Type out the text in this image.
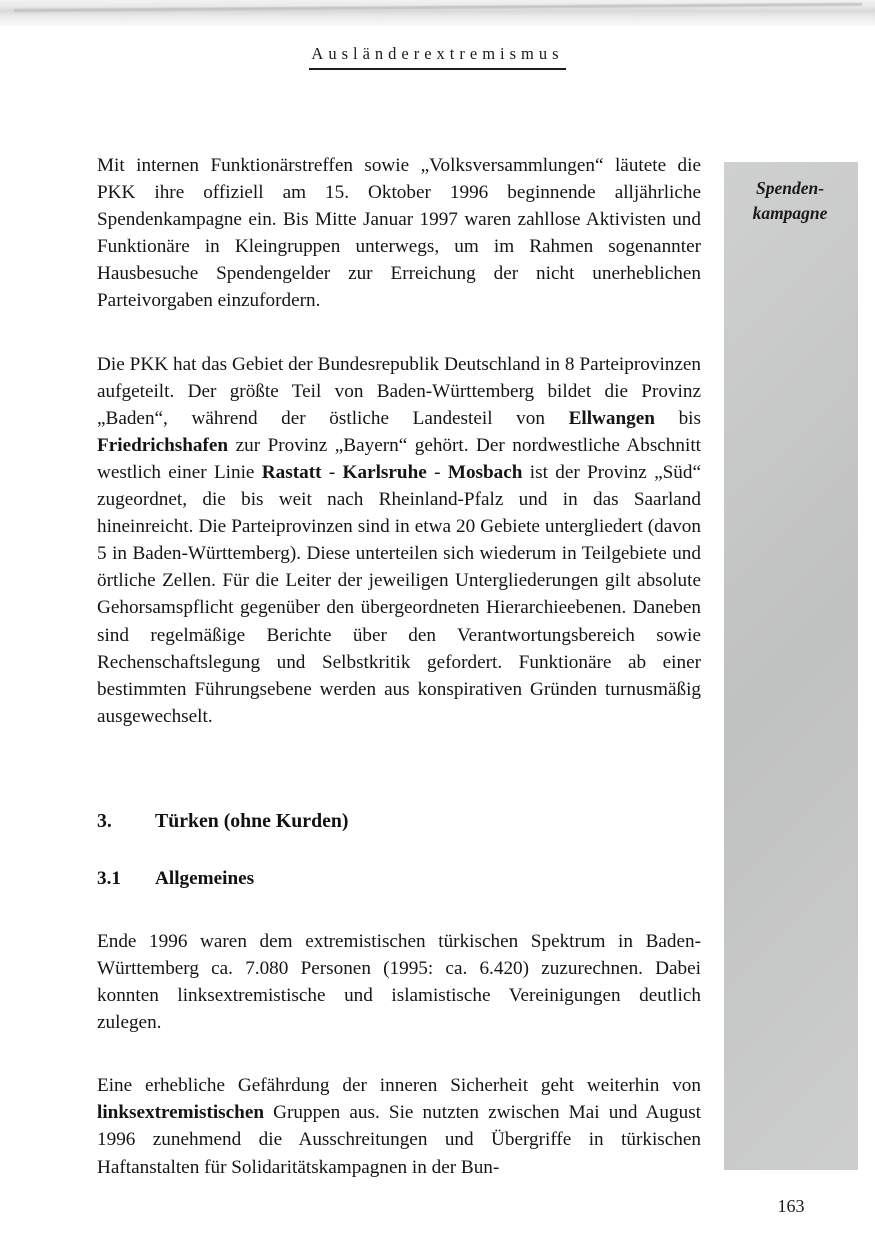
Ausländerextremismus
Spenden-
kampagne

Mit internen Funktionärstreffen sowie „Volksversammlungen“ läutete die PKK ihre offiziell am 15. Oktober 1996 beginnende alljährliche Spendenkampagne ein. Bis Mitte Januar 1997 waren zahllose Aktivisten und Funktionäre in Kleingruppen unterwegs, um im Rahmen sogenannter Hausbesuche Spendengelder zur Erreichung der nicht unerheblichen Parteivorgaben einzufordern.

Die PKK hat das Gebiet der Bundesrepublik Deutschland in 8 Parteiprovinzen aufgeteilt. Der größte Teil von Baden-Württemberg bildet die Provinz „Baden“, während der östliche Landesteil von Ellwangen bis Friedrichshafen zur Provinz „Bayern“ gehört. Der nordwestliche Abschnitt westlich einer Linie Rastatt - Karlsruhe - Mosbach ist der Provinz „Süd“ zugeordnet, die bis weit nach Rheinland-Pfalz und in das Saarland hineinreicht. Die Parteiprovinzen sind in etwa 20 Gebiete untergliedert (davon 5 in Baden-Württemberg). Diese unterteilen sich wiederum in Teilgebiete und örtliche Zellen. Für die Leiter der jeweiligen Untergliederungen gilt absolute Gehorsamspflicht gegenüber den übergeordneten Hierarchieebenen. Daneben sind regelmäßige Berichte über den Verantwortungsbereich sowie Rechenschaftslegung und Selbstkritik gefordert. Funktionäre ab einer bestimmten Führungsebene werden aus konspirativen Gründen turnusmäßig ausgewechselt.

3. Türken (ohne Kurden)
3.1 Allgemeines

Ende 1996 waren dem extremistischen türkischen Spektrum in Baden-Württemberg ca. 7.080 Personen (1995: ca. 6.420) zuzurechnen. Dabei konnten linksextremistische und islamistische Vereinigungen deutlich zulegen.

Eine erhebliche Gefährdung der inneren Sicherheit geht weiterhin von linksextremistischen Gruppen aus. Sie nutzten zwischen Mai und August 1996 zunehmend die Ausschreitungen und Übergriffe in türkischen Haftanstalten für Solidaritätskampagnen in der Bun-

163
